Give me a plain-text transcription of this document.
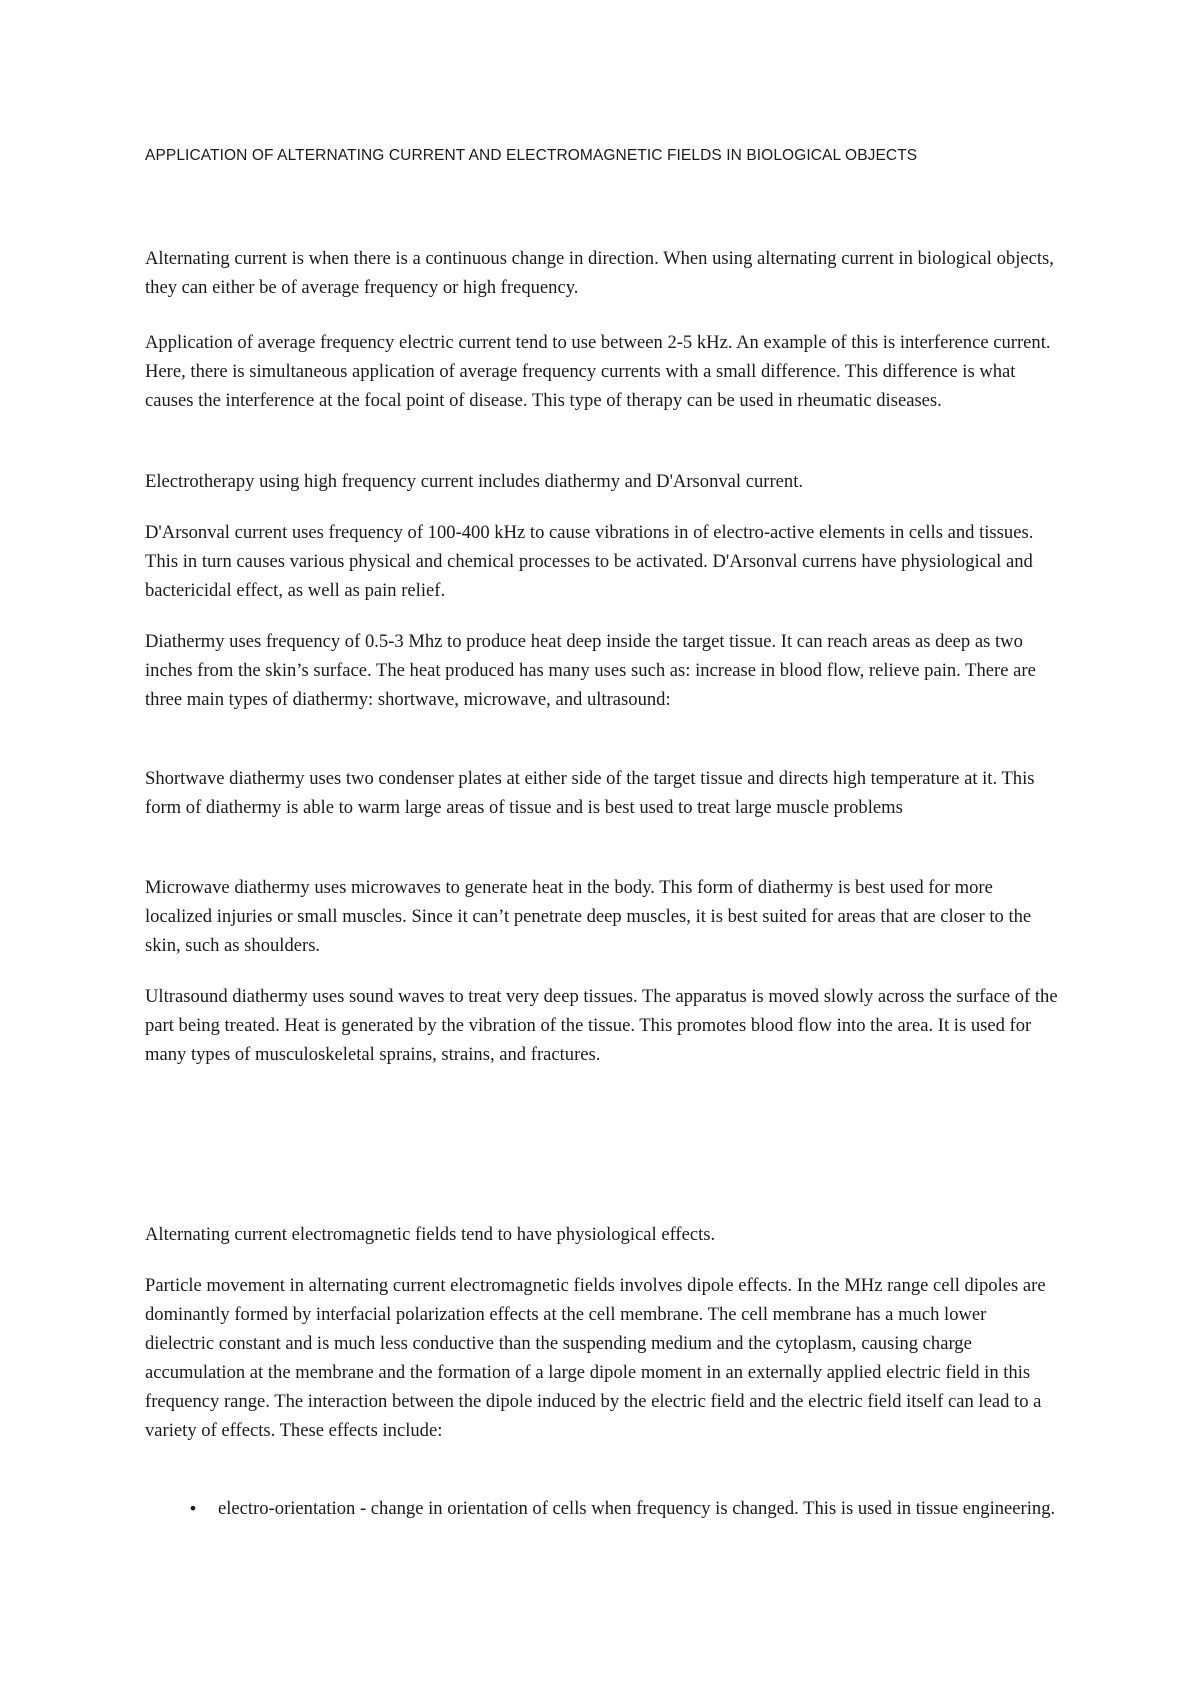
APPLICATION OF ALTERNATING CURRENT AND ELECTROMAGNETIC FIELDS IN BIOLOGICAL OBJECTS

Alternating current is when there is a continuous change in direction. When using alternating current in biological objects, they can either be of average frequency or high frequency.

Application of average frequency electric current tend to use between 2-5 kHz. An example of this is interference current. Here, there is simultaneous application of average frequency currents with a small difference. This difference is what causes the interference at the focal point of disease. This type of therapy can be used in rheumatic diseases.

Electrotherapy using high frequency current includes diathermy and D'Arsonval current.

D'Arsonval current uses frequency of 100-400 kHz to cause vibrations in of electro-active elements in cells and tissues. This in turn causes various physical and chemical processes to be activated. D'Arsonval currens have physiological and bactericidal effect, as well as pain relief.

Diathermy uses frequency of 0.5-3 Mhz to produce heat deep inside the target tissue. It can reach areas as deep as two inches from the skin’s surface. The heat produced has many uses such as: increase in blood flow, relieve pain. There are three main types of diathermy: shortwave, microwave, and ultrasound:

Shortwave diathermy uses two condenser plates at either side of the target tissue and directs high temperature at it. This form of diathermy is able to warm large areas of tissue and is best used to treat large muscle problems

Microwave diathermy uses microwaves to generate heat in the body. This form of diathermy is best used for more localized injuries or small muscles. Since it can’t penetrate deep muscles, it is best suited for areas that are closer to the skin, such as shoulders.

Ultrasound diathermy uses sound waves to treat very deep tissues. The apparatus is moved slowly across the surface of the part being treated. Heat is generated by the vibration of the tissue. This promotes blood flow into the area. It is used for many types of musculoskeletal sprains, strains, and fractures.

Alternating current electromagnetic fields tend to have physiological effects.

Particle movement in alternating current electromagnetic fields involves dipole effects. In the MHz range cell dipoles are dominantly formed by interfacial polarization effects at the cell membrane. The cell membrane has a much lower dielectric constant and is much less conductive than the suspending medium and the cytoplasm, causing charge accumulation at the membrane and the formation of a large dipole moment in an externally applied electric field in this frequency range. The interaction between the dipole induced by the electric field and the electric field itself can lead to a variety of effects. These effects include:

• electro-orientation - change in orientation of cells when frequency is changed. This is used in tissue engineering.
